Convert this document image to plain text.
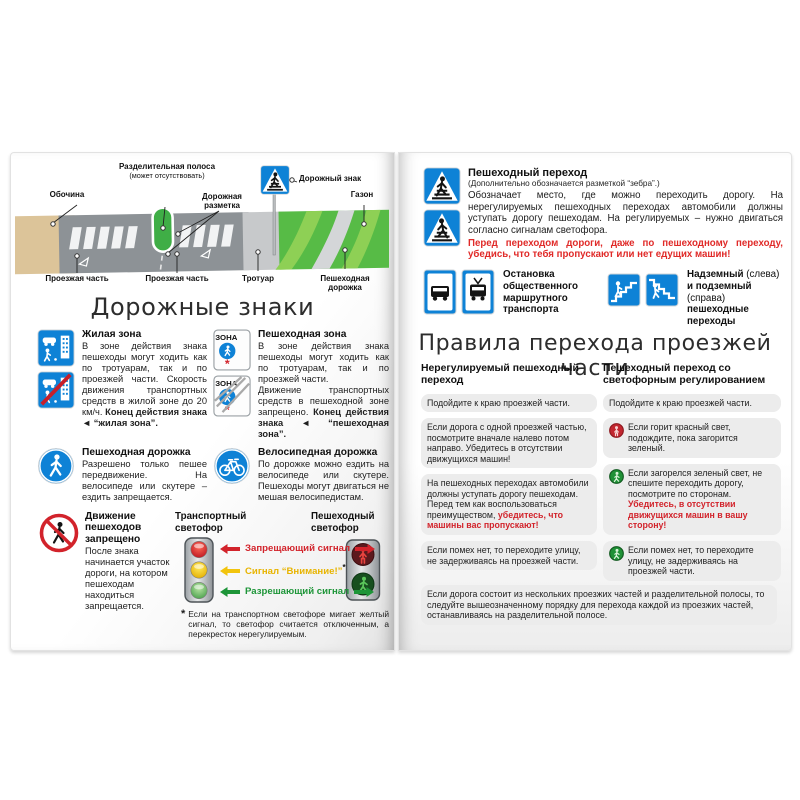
Разделительная полоса
(может отсутствовать)
Обочина	Дорожная разметка
Дорожный знак
Газон
Проезжая часть	Проезжая часть	Тротуар	Пешеходная дорожка
Дорожные знаки
Жилая зона
В зоне действия знака пешеходы могут ходить как по тротуарам, так и по проезжей части. Скорость движения транспортных средств в жилой зоне до 20 км/ч. Конец действия знака ◄ “жилая зона”.
Пешеходная зона
В зоне действия знака пешеходы могут ходить как по тротуарам, так и по проезжей части.
Движение транспортных средств в пешеходной зоне запрещено. Конец действия знака ◄ “пешеходная зона”.
Пешеходная дорожка
Разрешено только пешее передвижение. На велосипеде или скутере – ездить запрещается.
Велосипедная дорожка
По дорожке можно ездить на велосипеде или скутере. Пешеходы могут двигаться не мешая велосипедистам.
Движение пешеходов запрещено
После знака начинается участок дороги, на котором пешеходам находиться запрещается.
Транспортный светофор
Пешеходный светофор
Запрещающий сигнал
Сигнал “Внимание!”*
Разрешающий сигнал
* Если на транспортном светофоре мигает желтый сигнал, то светофор считается отключенным, а перекресток нерегулируемым.
Пешеходный переход
(Дополнительно обозначается разметкой “зебра”.)
Обозначает место, где можно переходить дорогу. На нерегулируемых пешеходных переходах автомобили должны уступать дорогу пешеходам. На регулируемых – нужно двигаться согласно сигналам светофора.
Перед переходом дороги, даже по пешеходному переходу, убедись, что тебя пропускают или нет едущих машин!
Остановка общественного маршрутного транспорта
Надземный (слева) и подземный (справа) пешеходные переходы
Правила перехода проезжей части
Нерегулируемый пешеходный переход
Подойдите к краю проезжей части.
Если дорога с одной проезжей частью, посмотрите вначале налево потом направо. Убедитесь в отсутствии движущихся машин!
На пешеходных переходах автомобили должны уступать дорогу пешеходам. Перед тем как воспользоваться преимуществом, убедитесь, что машины вас пропускают!
Если помех нет, то переходите улицу, не задерживаясь на проезжей части.
Пешеходный переход со светофорным регулированием
Подойдите к краю проезжей части.
Если горит красный свет, подождите, пока загорится зеленый.
Если загорелся зеленый свет, не спешите переходить дорогу, посмотрите по сторонам.
Убедитесь, в отсутствии движущихся машин в вашу сторону!
Если помех нет, то переходите улицу, не задерживаясь на проезжей части.
Если дорога состоит из нескольких проезжих частей и разделительной полосы, то следуйте вышеозначенному порядку для перехода каждой из проезжих частей, останавливаясь на разделительной полосе.
